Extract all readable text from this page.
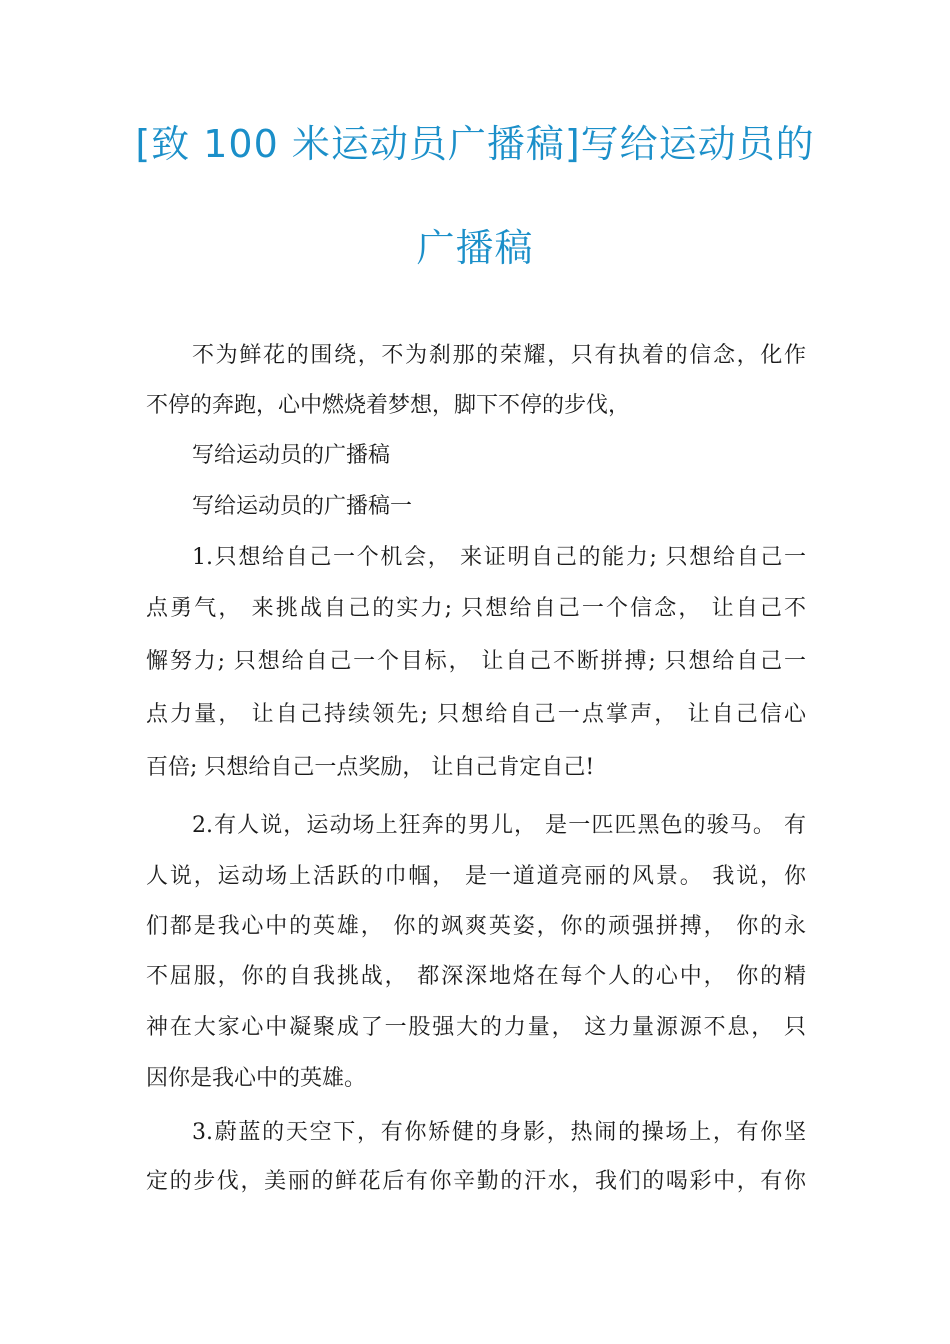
[致 100 米运动员广播稿]写给运动员的
广播稿

不为鲜花的围绕，不为刹那的荣耀，只有执着的信念，化作

不停的奔跑，心中燃烧着梦想，脚下不停的步伐，

写给运动员的广播稿

写给运动员的广播稿一

1.只想给自己一个机会， 来证明自己的能力; 只想给自己一

点勇气， 来挑战自己的实力; 只想给自己一个信念， 让自己不

懈努力; 只想给自己一个目标， 让自己不断拼搏; 只想给自己一

点力量， 让自己持续领先; 只想给自己一点掌声， 让自己信心

百倍; 只想给自己一点奖励， 让自己肯定自己!

2.有人说，运动场上狂奔的男儿， 是一匹匹黑色的骏马。 有

人说，运动场上活跃的巾帼， 是一道道亮丽的风景。 我说，你

们都是我心中的英雄， 你的飒爽英姿，你的顽强拼搏， 你的永

不屈服，你的自我挑战， 都深深地烙在每个人的心中， 你的精

神在大家心中凝聚成了一股强大的力量， 这力量源源不息， 只

因你是我心中的英雄。

3.蔚蓝的天空下，有你矫健的身影，热闹的操场上，有你坚

定的步伐，美丽的鲜花后有你辛勤的汗水，我们的喝彩中，有你
